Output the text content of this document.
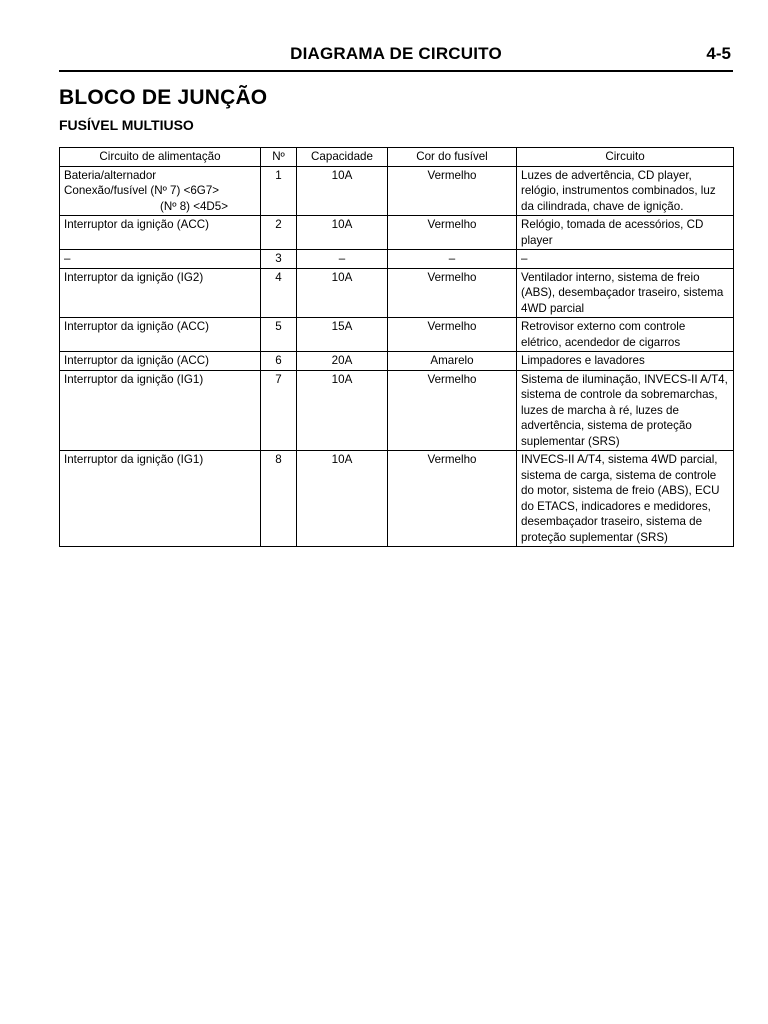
DIAGRAMA DE CIRCUITO	4-5
BLOCO DE JUNÇÃO
FUSÍVEL MULTIUSO
Circuito de alimentação	Nº	Capacidade	Cor do fusível	Circuito

Bateria/alternador
Conexão/fusível (Nº 7) <6G7>
(Nº 8) <4D5>	1	10A	Vermelho	Luzes de advertência, CD player, relógio, instrumentos combinados, luz da cilindrada, chave de ignição.
Interruptor da ignição (ACC)	2	10A	Vermelho	Relógio, tomada de acessórios, CD player
–	3	–	–	–
Interruptor da ignição (IG2)	4	10A	Vermelho	Ventilador interno, sistema de freio (ABS), desembaçador traseiro, sistema 4WD parcial
Interruptor da ignição (ACC)	5	15A	Vermelho	Retrovisor externo com controle elétrico, acendedor de cigarros
Interruptor da ignição (ACC)	6	20A	Amarelo	Limpadores e lavadores
Interruptor da ignição (IG1)	7	10A	Vermelho	Sistema de iluminação, INVECS-II A/T4, sistema de controle da sobremarchas, luzes de marcha à ré, luzes de advertência, sistema de proteção suplementar (SRS)
Interruptor da ignição (IG1)	8	10A	Vermelho	INVECS-II A/T4, sistema 4WD parcial, sistema de carga, sistema de controle do motor, sistema de freio (ABS), ECU do ETACS, indicadores e medidores, desembaçador traseiro, sistema de proteção suplementar (SRS)
